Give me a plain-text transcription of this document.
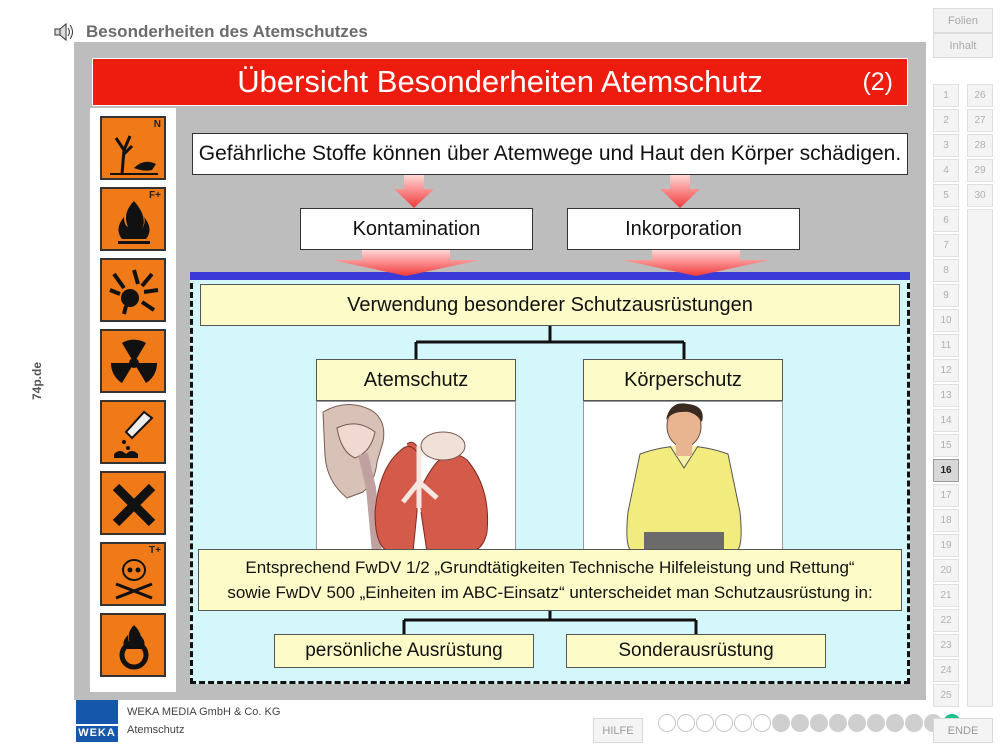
Besonderheiten des Atemschutzes
74p.de
Folien
Inhalt
1
2
3
4
5
6
7
8
9
10
11
12
13
14
15
16
17
18
19
20
21
22
23
24
25
26
27
28
29
30
Übersicht Besonderheiten Atemschutz	(2)
N
F+
T+
Gefährliche Stoffe können über Atemwege und Haut den Körper schädigen.
Kontamination	Inkorporation
Verwendung besonderer Schutzausrüstungen
Atemschutz	Körperschutz
Entsprechend FwDV 1/2 „Grundtätigkeiten Technische Hilfeleistung und Rettung“
sowie FwDV 500 „Einheiten im ABC-Einsatz“ unterscheidet man Schutzausrüstung in:
persönliche Ausrüstung	Sonderausrüstung
WEKA
WEKA MEDIA GmbH & Co. KG
Atemschutz	HILFE	ENDE
